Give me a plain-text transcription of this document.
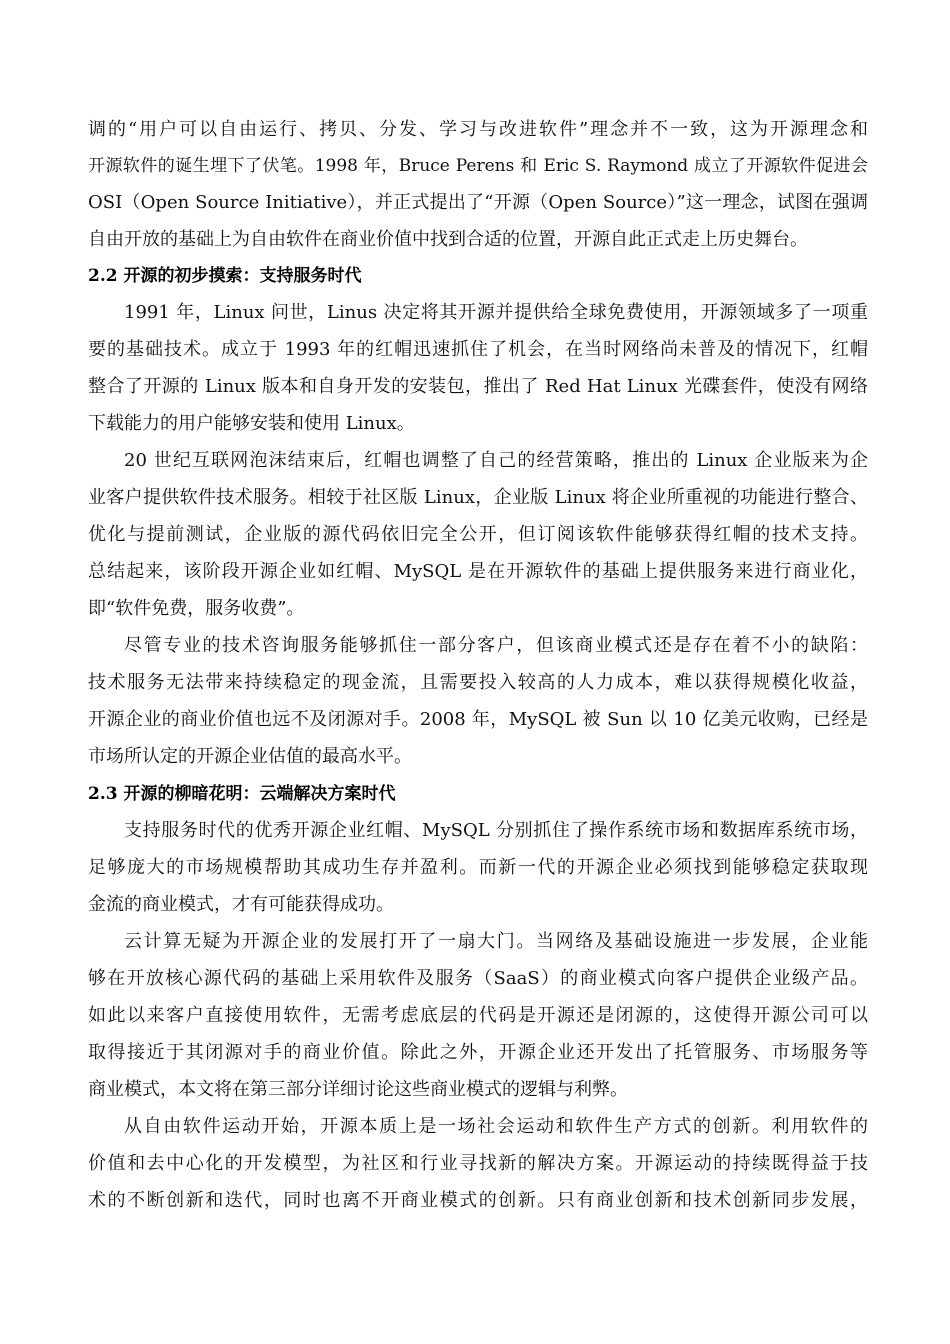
调的“用户可以自由运行、拷贝、分发、学习与改进软件”理念并不一致，这为开源理念和
开源软件的诞生埋下了伏笔。1998 年，Bruce Perens 和 Eric S. Raymond 成立了开源软件促进会
OSI（Open Source Initiative），并正式提出了“开源（Open Source）”这一理念，试图在强调
自由开放的基础上为自由软件在商业价值中找到合适的位置，开源自此正式走上历史舞台。
2.2 开源的初步摸索：支持服务时代
1991 年，Linux 问世，Linus 决定将其开源并提供给全球免费使用，开源领域多了一项重
要的基础技术。成立于 1993 年的红帽迅速抓住了机会，在当时网络尚未普及的情况下，红帽
整合了开源的 Linux 版本和自身开发的安装包，推出了 Red Hat Linux 光碟套件，使没有网络
下载能力的用户能够安装和使用 Linux。
20 世纪互联网泡沫结束后，红帽也调整了自己的经营策略，推出的 Linux 企业版来为企
业客户提供软件技术服务。相较于社区版 Linux，企业版 Linux 将企业所重视的功能进行整合、
优化与提前测试，企业版的源代码依旧完全公开，但订阅该软件能够获得红帽的技术支持。
总结起来，该阶段开源企业如红帽、MySQL 是在开源软件的基础上提供服务来进行商业化，
即“软件免费，服务收费”。
尽管专业的技术咨询服务能够抓住一部分客户，但该商业模式还是存在着不小的缺陷：
技术服务无法带来持续稳定的现金流，且需要投入较高的人力成本，难以获得规模化收益，
开源企业的商业价值也远不及闭源对手。2008 年，MySQL 被 Sun 以 10 亿美元收购，已经是
市场所认定的开源企业估值的最高水平。
2.3 开源的柳暗花明：云端解决方案时代
支持服务时代的优秀开源企业红帽、MySQL 分别抓住了操作系统市场和数据库系统市场，
足够庞大的市场规模帮助其成功生存并盈利。而新一代的开源企业必须找到能够稳定获取现
金流的商业模式，才有可能获得成功。
云计算无疑为开源企业的发展打开了一扇大门。当网络及基础设施进一步发展，企业能
够在开放核心源代码的基础上采用软件及服务（SaaS）的商业模式向客户提供企业级产品。
如此以来客户直接使用软件，无需考虑底层的代码是开源还是闭源的，这使得开源公司可以
取得接近于其闭源对手的商业价值。除此之外，开源企业还开发出了托管服务、市场服务等
商业模式，本文将在第三部分详细讨论这些商业模式的逻辑与利弊。
从自由软件运动开始，开源本质上是一场社会运动和软件生产方式的创新。利用软件的
价值和去中心化的开发模型，为社区和行业寻找新的解决方案。开源运动的持续既得益于技
术的不断创新和迭代，同时也离不开商业模式的创新。只有商业创新和技术创新同步发展，
